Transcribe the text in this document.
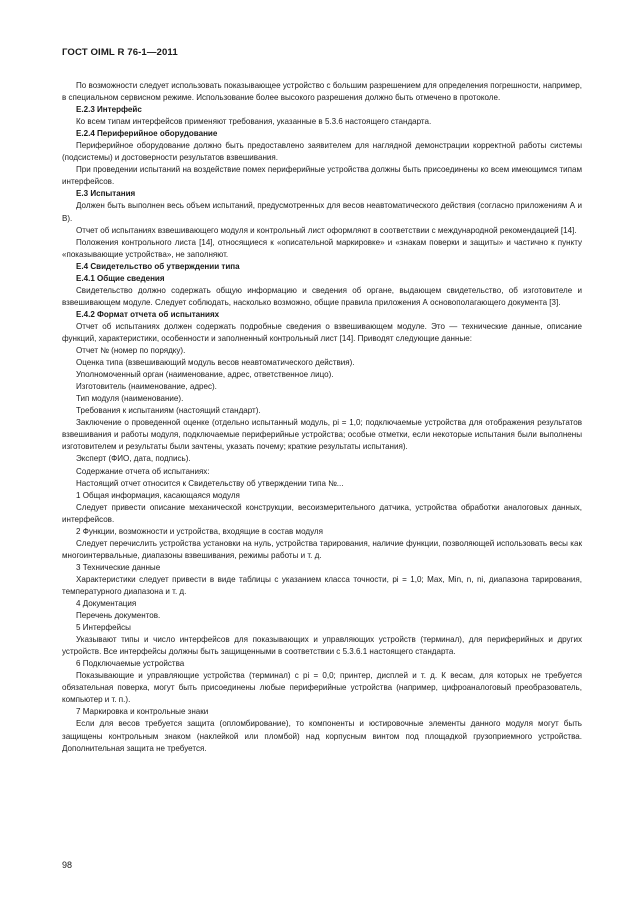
ГОСТ OIML R 76-1—2011

По возможности следует использовать показывающее устройство с большим разрешением для определения погрешности, например, в специальном сервисном режиме. Использование более высокого разрешения должно быть отмечено в протоколе.

Е.2.3 Интерфейс

Ко всем типам интерфейсов применяют требования, указанные в 5.3.6 настоящего стандарта.

Е.2.4 Периферийное оборудование

Периферийное оборудование должно быть предоставлено заявителем для наглядной демонстрации корректной работы системы (подсистемы) и достоверности результатов взвешивания.

При проведении испытаний на воздействие помех периферийные устройства должны быть присоединены ко всем имеющимся типам интерфейсов.

Е.3 Испытания

Должен быть выполнен весь объем испытаний, предусмотренных для весов неавтоматического действия (согласно приложениям А и В).

Отчет об испытаниях взвешивающего модуля и контрольный лист оформляют в соответствии с международной рекомендацией [14].

Положения контрольного листа [14], относящиеся к «описательной маркировке» и «знакам поверки и защиты» и частично к пункту «показывающие устройства», не заполняют.

Е.4 Свидетельство об утверждении типа

Е.4.1 Общие сведения

Свидетельство должно содержать общую информацию и сведения об органе, выдающем свидетельство, об изготовителе и взвешивающем модуле. Следует соблюдать, насколько возможно, общие правила приложения А основополагающего документа [3].

Е.4.2 Формат отчета об испытаниях

Отчет об испытаниях должен содержать подробные сведения о взвешивающем модуле. Это — технические данные, описание функций, характеристики, особенности и заполненный контрольный лист [14]. Приводят следующие данные:

Отчет № (номер по порядку).

Оценка типа (взвешивающий модуль весов неавтоматического действия).

Уполномоченный орган (наименование, адрес, ответственное лицо).

Изготовитель (наименование, адрес).

Тип модуля (наименование).

Требования к испытаниям (настоящий стандарт).

Заключение о проведенной оценке (отдельно испытанный модуль, pi = 1,0; подключаемые устройства для отображения результатов взвешивания и работы модуля, подключаемые периферийные устройства; особые отметки, если некоторые испытания были выполнены изготовителем и результаты были зачтены, указать почему; краткие результаты испытания).

Эксперт (ФИО, дата, подпись).

Содержание отчета об испытаниях:

Настоящий отчет относится к Свидетельству об утверждении типа №...

1 Общая информация, касающаяся модуля

Следует привести описание механической конструкции, весоизмерительного датчика, устройства обработки аналоговых данных, интерфейсов.

2 Функции, возможности и устройства, входящие в состав модуля

Следует перечислить устройства установки на нуль, устройства тарирования, наличие функции, позволяющей использовать весы как многоинтервальные, диапазоны взвешивания, режимы работы и т. д.

3 Технические данные

Характеристики следует привести в виде таблицы с указанием класса точности, pi = 1,0; Max, Min, n, ni, диапазона тарирования, температурного диапазона и т. д.

4 Документация

Перечень документов.

5 Интерфейсы

Указывают типы и число интерфейсов для показывающих и управляющих устройств (терминал), для периферийных и других устройств. Все интерфейсы должны быть защищенными в соответствии с 5.3.6.1 настоящего стандарта.

6 Подключаемые устройства

Показывающие и управляющие устройства (терминал) с pi = 0,0; принтер, дисплей и т. д. К весам, для которых не требуется обязательная поверка, могут быть присоединены любые периферийные устройства (например, цифроаналоговый преобразователь, компьютер и т. п.).

7 Маркировка и контрольные знаки

Если для весов требуется защита (опломбирование), то компоненты и юстировочные элементы данного модуля могут быть защищены контрольным знаком (наклейкой или пломбой) над корпусным винтом под площадкой грузоприемного устройства. Дополнительная защита не требуется.

98
